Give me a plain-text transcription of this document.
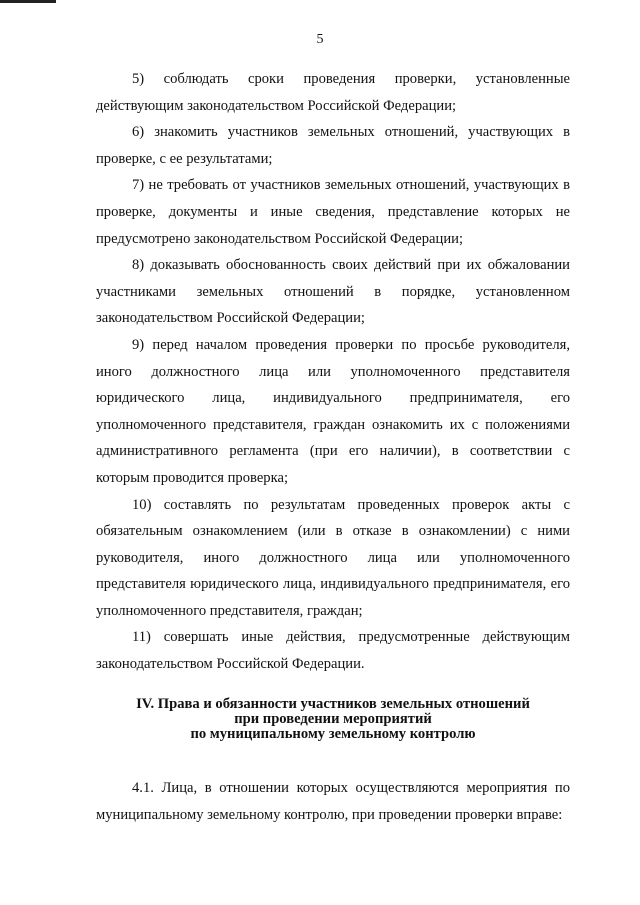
5

5) соблюдать сроки проведения проверки, установленные действующим законодательством Российской Федерации;

6) знакомить участников земельных отношений, участвующих в проверке, с ее результатами;

7) не требовать от участников земельных отношений, участвующих в проверке, документы и иные сведения, представление которых не предусмотрено законодательством Российской Федерации;

8) доказывать обоснованность своих действий при их обжаловании участниками земельных отношений в порядке, установленном законодательством Российской Федерации;

9) перед началом проведения проверки по просьбе руководителя, иного должностного лица или уполномоченного представителя юридического лица, индивидуального предпринимателя, его уполномоченного представителя, граждан ознакомить их с положениями административного регламента (при его наличии), в соответствии с которым проводится проверка;

10) составлять по результатам проведенных проверок акты с обязательным ознакомлением (или в отказе в ознакомлении) с ними руководителя, иного должностного лица или уполномоченного представителя юридического лица, индивидуального предпринимателя, его уполномоченного представителя, граждан;

11) совершать иные действия, предусмотренные действующим законодательством Российской Федерации.

IV. Права и обязанности участников земельных отношений
при проведении мероприятий
по муниципальному земельному контролю

4.1. Лица, в отношении которых осуществляются мероприятия по муниципальному земельному контролю, при проведении проверки вправе:
